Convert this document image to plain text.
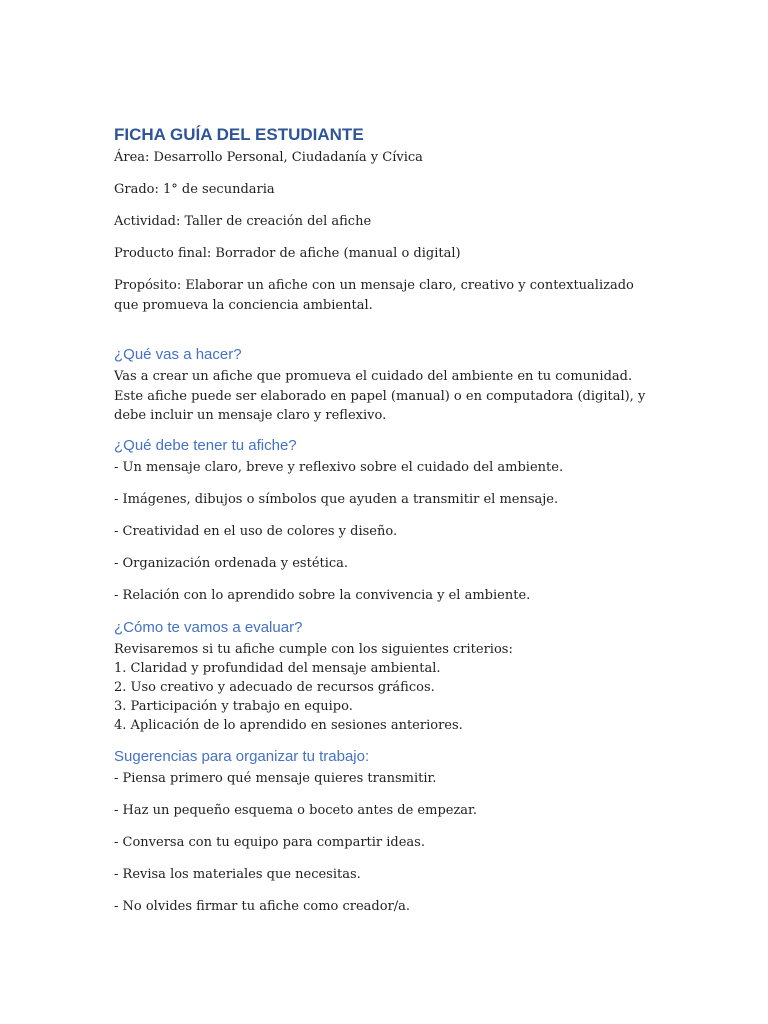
FICHA GUÍA DEL ESTUDIANTE
Área: Desarrollo Personal, Ciudadanía y Cívica
Grado: 1° de secundaria
Actividad: Taller de creación del afiche
Producto final: Borrador de afiche (manual o digital)
Propósito: Elaborar un afiche con un mensaje claro, creativo y contextualizado que promueva la conciencia ambiental.
¿Qué vas a hacer?
Vas a crear un afiche que promueva el cuidado del ambiente en tu comunidad. Este afiche puede ser elaborado en papel (manual) o en computadora (digital), y debe incluir un mensaje claro y reflexivo.
¿Qué debe tener tu afiche?
- Un mensaje claro, breve y reflexivo sobre el cuidado del ambiente.
- Imágenes, dibujos o símbolos que ayuden a transmitir el mensaje.
- Creatividad en el uso de colores y diseño.
- Organización ordenada y estética.
- Relación con lo aprendido sobre la convivencia y el ambiente.
¿Cómo te vamos a evaluar?
Revisaremos si tu afiche cumple con los siguientes criterios:
1. Claridad y profundidad del mensaje ambiental.
2. Uso creativo y adecuado de recursos gráficos.
3. Participación y trabajo en equipo.
4. Aplicación de lo aprendido en sesiones anteriores.
Sugerencias para organizar tu trabajo:
- Piensa primero qué mensaje quieres transmitir.
- Haz un pequeño esquema o boceto antes de empezar.
- Conversa con tu equipo para compartir ideas.
- Revisa los materiales que necesitas.
- No olvides firmar tu afiche como creador/a.
